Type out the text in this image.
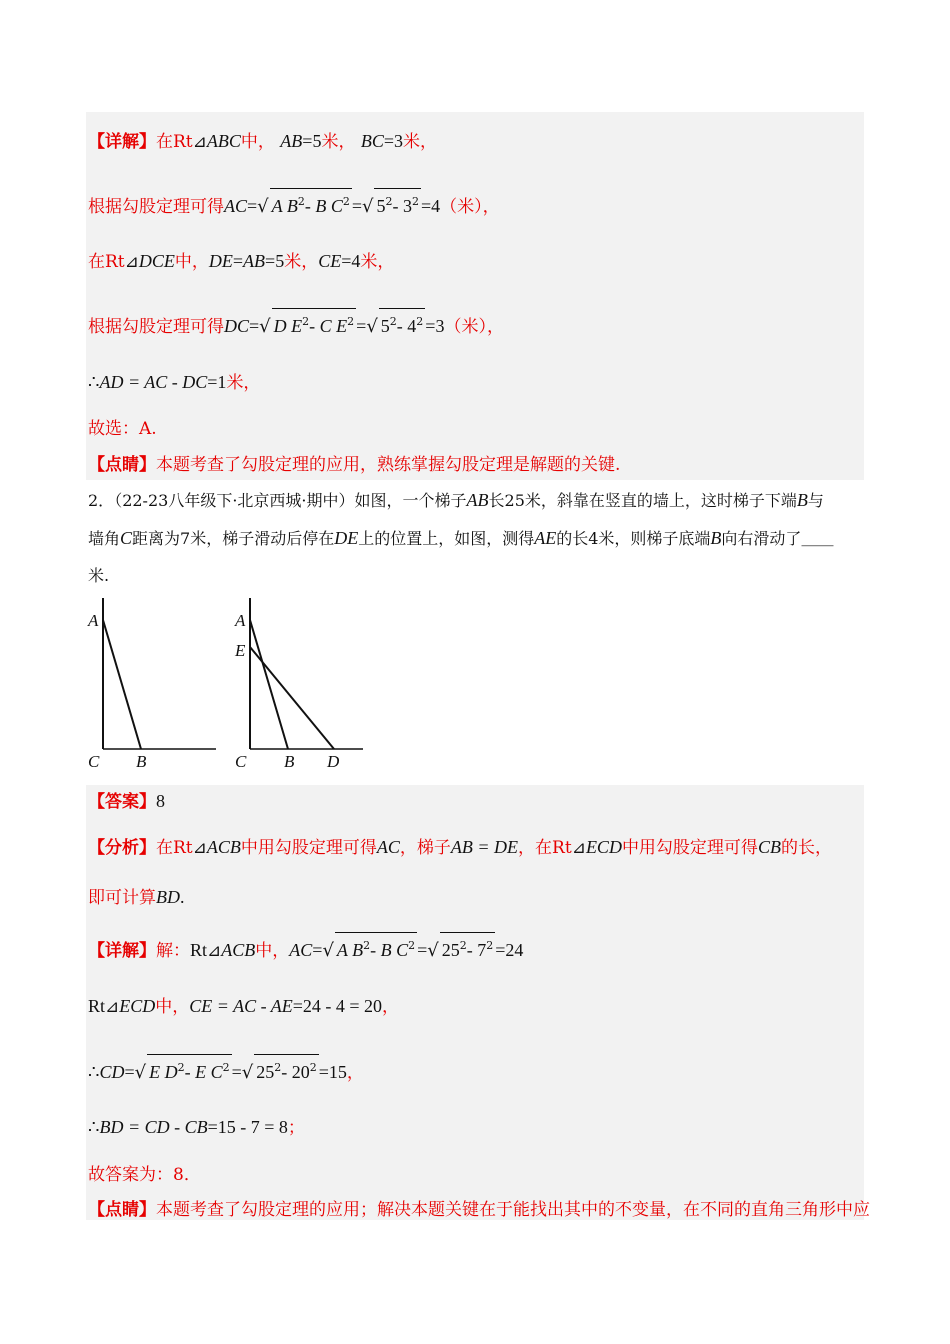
【详解】在Rt⊿ABC中， AB=5米， BC=3米，
根据勾股定理可得AC=√ A $B^2-$ B $C^2$ =√ $5^2-$ $3^2 =4$（米），
在Rt⊿DCE中，DE=AB=5米，CE=4米，
根据勾股定理可得DC=√ D $E^2-$ C $E^2$ =√ $5^2-$ $4^2 =3$（米），
∴AD = AC - DC=1米，
故选：A.
【点睛】本题考查了勾股定理的应用，熟练掌握勾股定理是解题的关键.
2．（22-23八年级下·北京西城·期中）如图，一个梯子AB长25米，斜靠在竖直的墙上，这时梯子下端B与
墙角C距离为7米，梯子滑动后停在DE上的位置上，如图，测得AE的长4米，则梯子底端B向右滑动了＿＿
米.
A
C B
A
E
C B D
【答案】8
【分析】在Rt⊿ACB中用勾股定理可得AC，梯子AB = DE，在Rt⊿ECD中用勾股定理可得CB的长，
即可计算BD.
【详解】解：Rt⊿ACB中，AC=√ A $B^2-$ B $C^2$ =√ $25^2-$ $7^2 =24$
Rt⊿ECD中，CE = AC - AE=24 - 4 = 20，
∴CD=√ E $D^2-$ E $C^2$ =√ $25^2-$ $20^2 =15$，
∴BD = CD - CB=15 - 7 = 8；
故答案为：8．
【点睛】本题考查了勾股定理的应用；解决本题关键在于能找出其中的不变量，在不同的直角三角形中应
